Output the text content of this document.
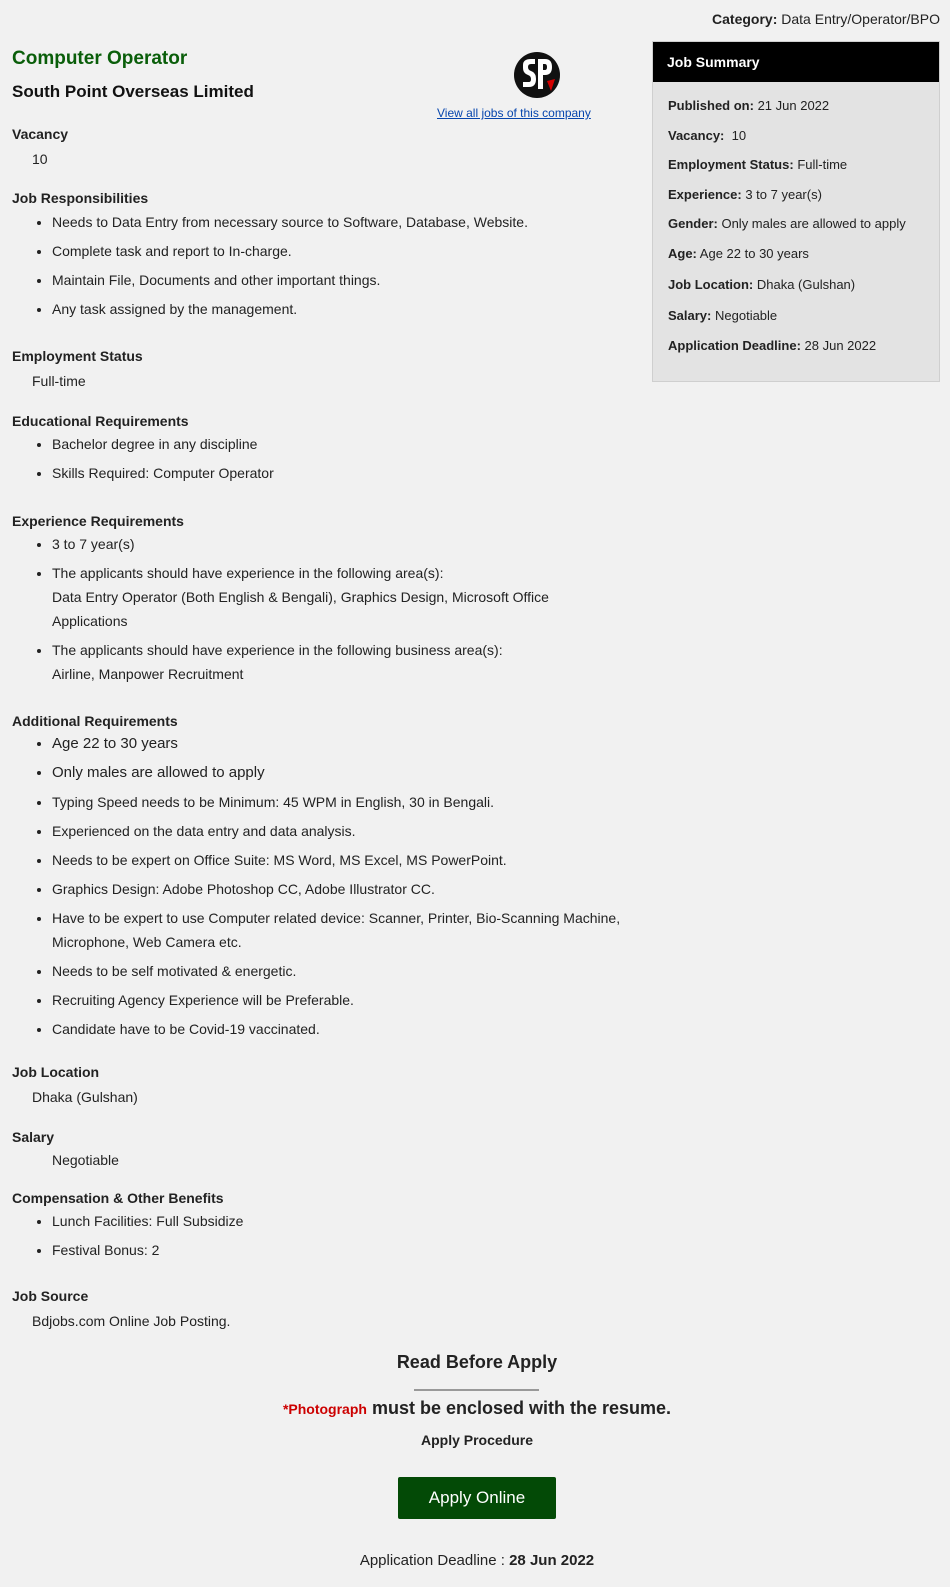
Category: Data Entry/Operator/BPO
Computer Operator
South Point Overseas Limited
View all jobs of this company
Job Summary
Published on: 21 Jun 2022
Vacancy: 10
Employment Status: Full-time
Experience: 3 to 7 year(s)
Gender: Only males are allowed to apply
Age: Age 22 to 30 years
Job Location: Dhaka (Gulshan)
Salary: Negotiable
Application Deadline: 28 Jun 2022
Vacancy
10
Job Responsibilities
• Needs to Data Entry from necessary source to Software, Database, Website.
• Complete task and report to In-charge.
• Maintain File, Documents and other important things.
• Any task assigned by the management.
Employment Status
Full-time
Educational Requirements
• Bachelor degree in any discipline
• Skills Required: Computer Operator
Experience Requirements
• 3 to 7 year(s)
• The applicants should have experience in the following area(s):
Data Entry Operator (Both English & Bengali), Graphics Design, Microsoft Office Applications
• The applicants should have experience in the following business area(s):
Airline, Manpower Recruitment
Additional Requirements
• Age 22 to 30 years
• Only males are allowed to apply
• Typing Speed needs to be Minimum: 45 WPM in English, 30 in Bengali.
• Experienced on the data entry and data analysis.
• Needs to be expert on Office Suite: MS Word, MS Excel, MS PowerPoint.
• Graphics Design: Adobe Photoshop CC, Adobe Illustrator CC.
• Have to be expert to use Computer related device: Scanner, Printer, Bio-Scanning Machine, Microphone, Web Camera etc.
• Needs to be self motivated & energetic.
• Recruiting Agency Experience will be Preferable.
• Candidate have to be Covid-19 vaccinated.
Job Location
Dhaka (Gulshan)
Salary
Negotiable
Compensation & Other Benefits
• Lunch Facilities: Full Subsidize
• Festival Bonus: 2
Job Source
Bdjobs.com Online Job Posting.
Read Before Apply
*Photograph must be enclosed with the resume.
Apply Procedure
Apply Online
Application Deadline : 28 Jun 2022
